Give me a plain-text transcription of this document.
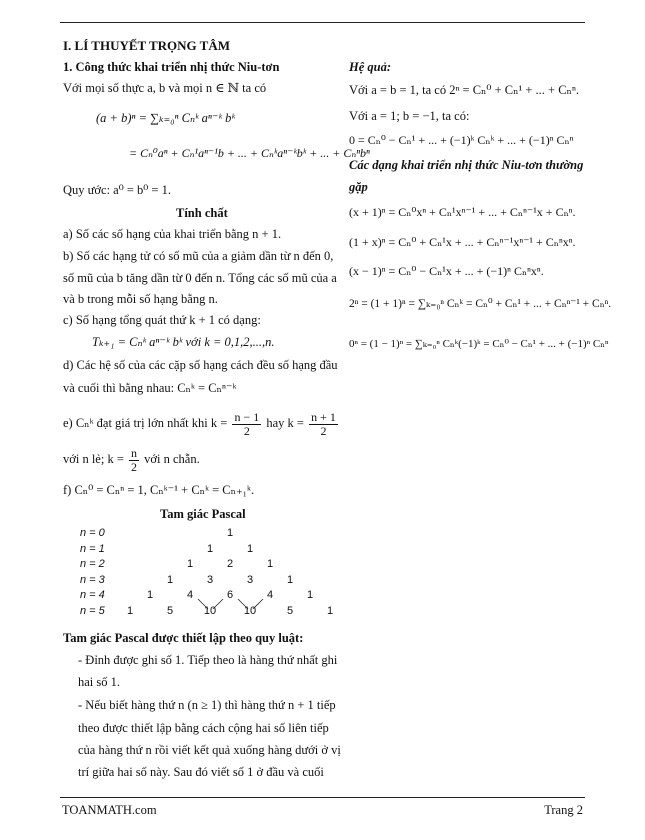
I. LÍ THUYẾT TRỌNG TÂM
1. Công thức khai triển nhị thức Niu-tơn
Với mọi số thực a, b và mọi n ∈ ℕ ta có
(a + b)ⁿ = ∑ₖ₌₀ⁿ Cₙᵏ aⁿ⁻ᵏ bᵏ
= Cₙ⁰aⁿ + Cₙ¹aⁿ⁻¹b + ... + Cₙᵏaⁿ⁻ᵏbᵏ + ... + Cₙⁿbⁿ
Quy ước: a⁰ = b⁰ = 1.
Tính chất
a) Số các số hạng của khai triển bằng n + 1.
b) Số các hạng tử có số mũ của a giảm dần từ n đến 0,
số mũ của b tăng dần từ 0 đến n. Tổng các số mũ của a
và b trong mỗi số hạng bằng n.
c) Số hạng tổng quát thứ k + 1 có dạng:
Tₖ₊₁ = Cₙᵏ aⁿ⁻ᵏ bᵏ với k = 0,1,2,...,n.
d) Các hệ số của các cặp số hạng cách đều số hạng đầu
và cuối thì bằng nhau: Cₙᵏ = Cₙⁿ⁻ᵏ
e) Cₙᵏ đạt giá trị lớn nhất khi $k = \frac{n - 1}{2}$ hay $k = \frac{n + 1}{2}$
với n lẻ; $k = \frac{n}{2}$ với n chẵn.
f) Cₙ⁰ = Cₙⁿ = 1, Cₙᵏ⁻¹ + Cₙᵏ = Cₙ₊₁ᵏ.
Tam giác Pascal
n = 0	1
n = 1	1	1
n = 2	1	2	1
n = 3	1	3	3	1
n = 4	1	4	6	4	1
n = 5	1	5	10	10	5	1
Tam giác Pascal được thiết lập theo quy luật:
- Đỉnh được ghi số 1. Tiếp theo là hàng thứ nhất ghi
hai số 1.
- Nếu biết hàng thứ n (n ≥ 1) thì hàng thứ n + 1 tiếp
theo được thiết lập bằng cách cộng hai số liên tiếp
của hàng thứ n rồi viết kết quả xuống hàng dưới ở vị
trí giữa hai số này. Sau đó viết số 1 ở đầu và cuối
Hệ quả:
Với a = b = 1, ta có 2ⁿ = Cₙ⁰ + Cₙ¹ + ... + Cₙⁿ.
Với a = 1; b = −1, ta có:
0 = Cₙ⁰ − Cₙ¹ + ... + (−1)ᵏ Cₙᵏ + ... + (−1)ⁿ Cₙⁿ
Các dạng khai triển nhị thức Niu-tơn thường
gặp
(x + 1)ⁿ = Cₙ⁰xⁿ + Cₙ¹xⁿ⁻¹ + ... + Cₙⁿ⁻¹x + Cₙⁿ.
(1 + x)ⁿ = Cₙ⁰ + Cₙ¹x + ... + Cₙⁿ⁻¹xⁿ⁻¹ + Cₙⁿxⁿ.
(x − 1)ⁿ = Cₙ⁰ − Cₙ¹x + ... + (−1)ⁿ Cₙⁿxⁿ.
2ⁿ = (1 + 1)ⁿ = ∑ₖ₌₀ⁿ Cₙᵏ = Cₙ⁰ + Cₙ¹ + ... + Cₙⁿ⁻¹ + Cₙⁿ.
0ⁿ = (1 − 1)ⁿ = ∑ₖ₌₀ⁿ Cₙᵏ(−1)ᵏ = Cₙ⁰ − Cₙ¹ + ... + (−1)ⁿ Cₙⁿ
TOANMATH.com	Trang 2
